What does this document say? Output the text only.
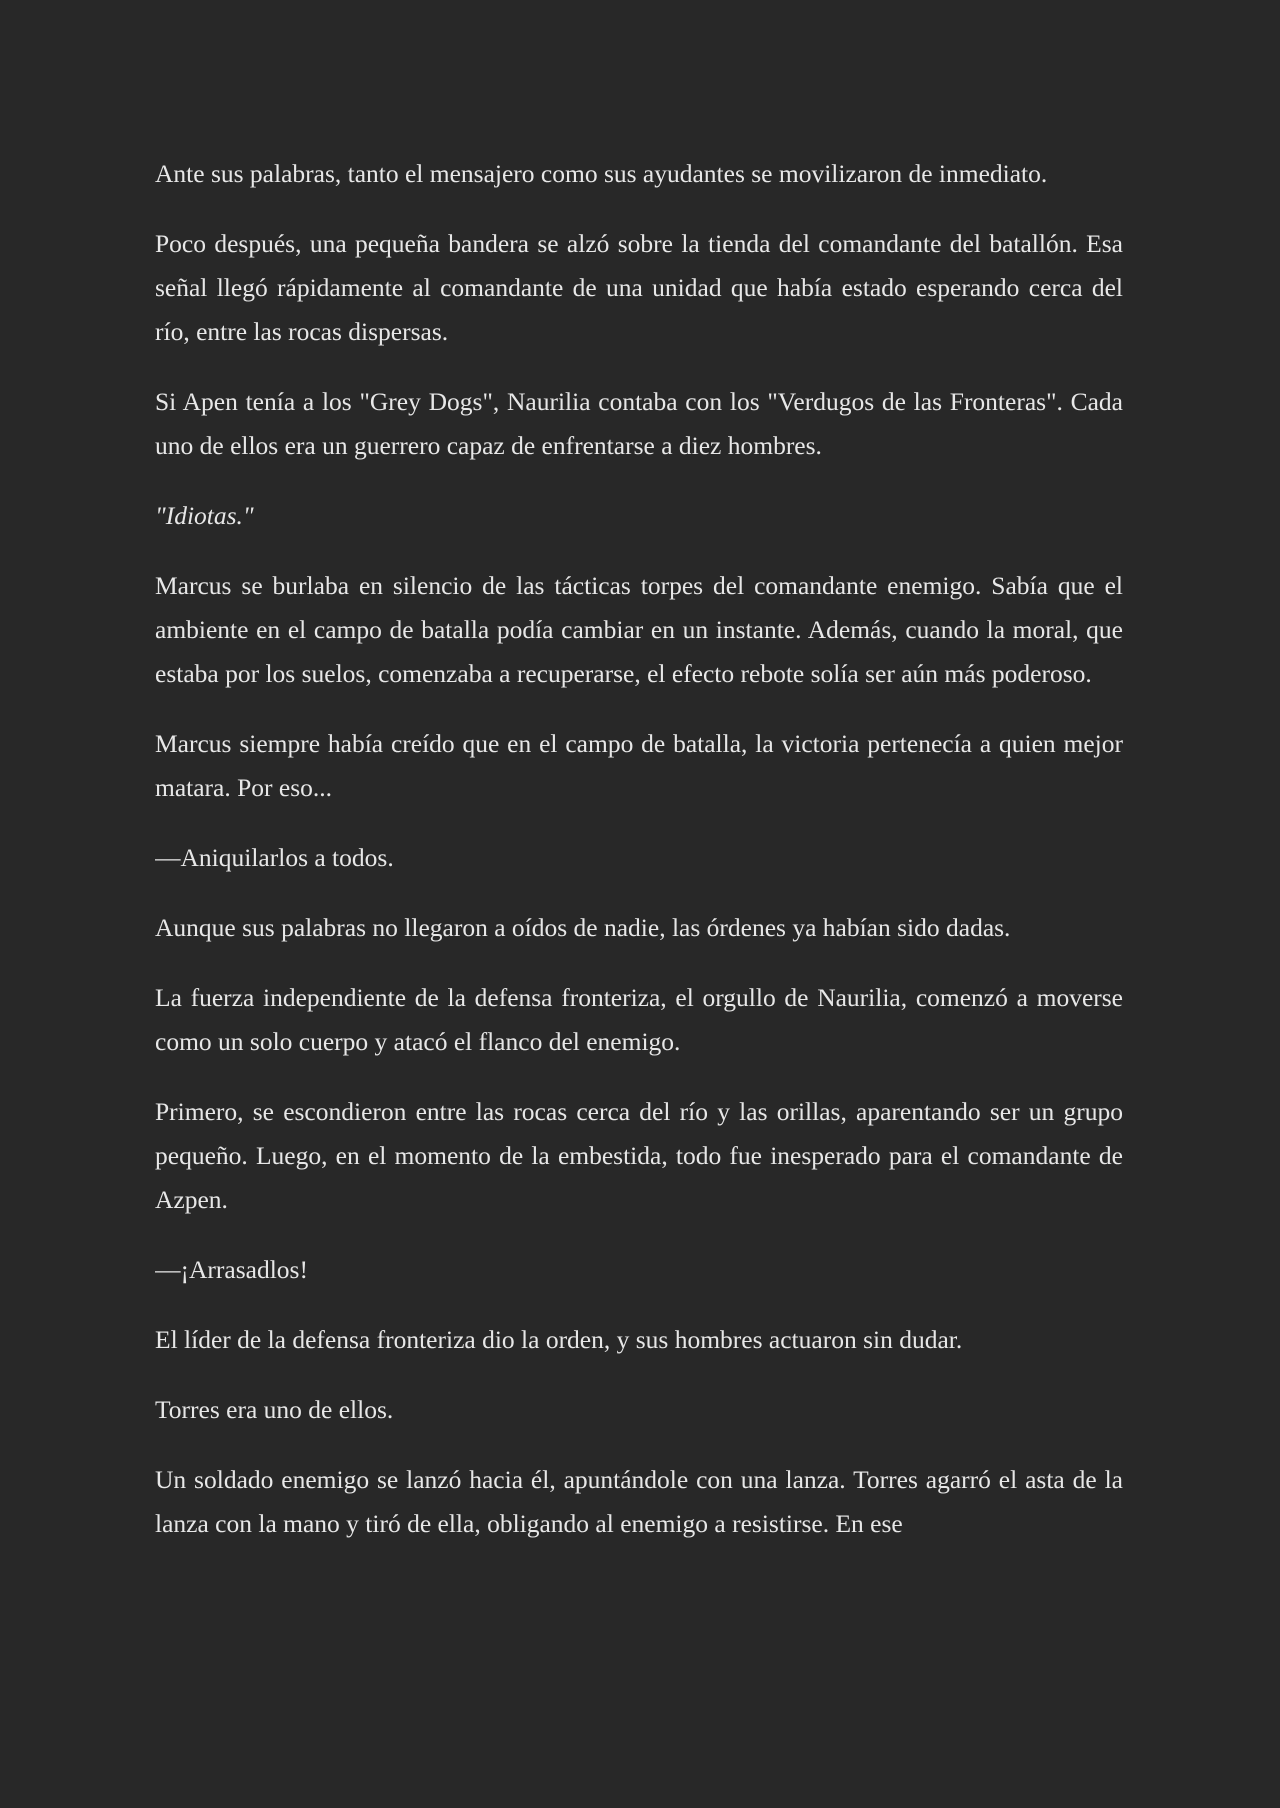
Ante sus palabras, tanto el mensajero como sus ayudantes se movilizaron de inmediato.

Poco después, una pequeña bandera se alzó sobre la tienda del comandante del batallón. Esa señal llegó rápidamente al comandante de una unidad que había estado esperando cerca del río, entre las rocas dispersas.

Si Apen tenía a los "Grey Dogs", Naurilia contaba con los "Verdugos de las Fronteras". Cada uno de ellos era un guerrero capaz de enfrentarse a diez hombres.

"Idiotas."

Marcus se burlaba en silencio de las tácticas torpes del comandante enemigo. Sabía que el ambiente en el campo de batalla podía cambiar en un instante. Además, cuando la moral, que estaba por los suelos, comenzaba a recuperarse, el efecto rebote solía ser aún más poderoso.

Marcus siempre había creído que en el campo de batalla, la victoria pertenecía a quien mejor matara. Por eso...

—Aniquilarlos a todos.

Aunque sus palabras no llegaron a oídos de nadie, las órdenes ya habían sido dadas.

La fuerza independiente de la defensa fronteriza, el orgullo de Naurilia, comenzó a moverse como un solo cuerpo y atacó el flanco del enemigo.

Primero, se escondieron entre las rocas cerca del río y las orillas, aparentando ser un grupo pequeño. Luego, en el momento de la embestida, todo fue inesperado para el comandante de Azpen.

—¡Arrasadlos!

El líder de la defensa fronteriza dio la orden, y sus hombres actuaron sin dudar.

Torres era uno de ellos.

Un soldado enemigo se lanzó hacia él, apuntándole con una lanza. Torres agarró el asta de la lanza con la mano y tiró de ella, obligando al enemigo a resistirse. En ese
